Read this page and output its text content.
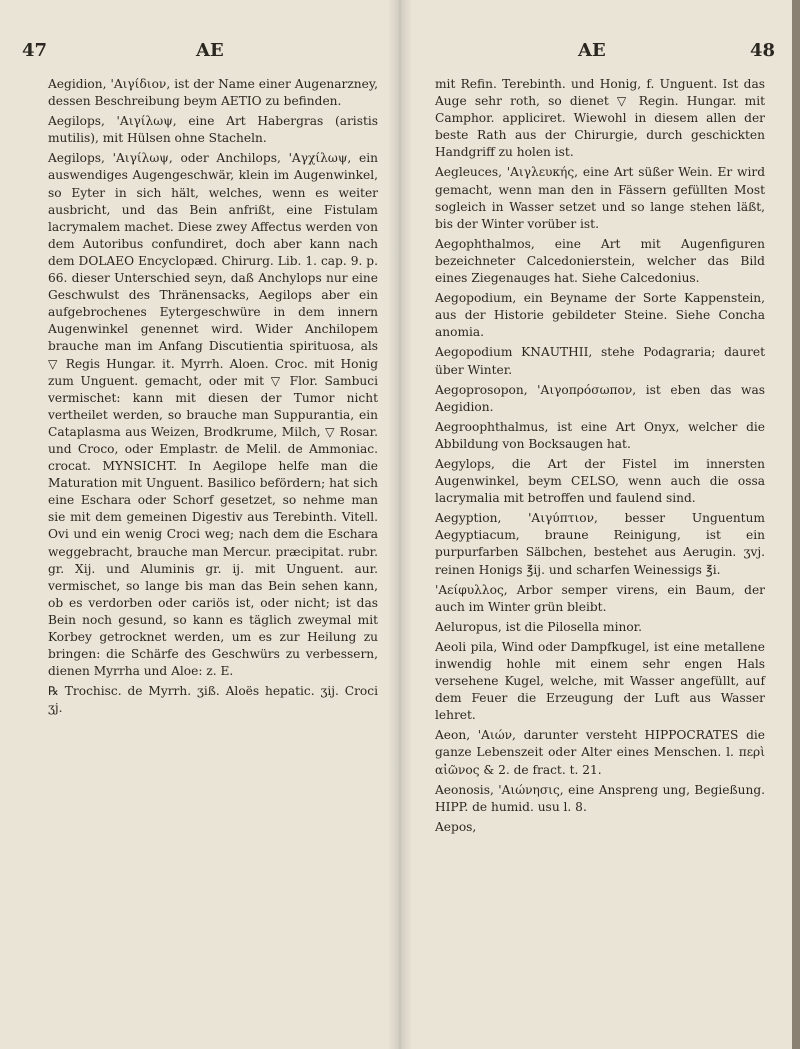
47	AE	AE	48

Aegidion, 'Αιγίδιον, ist der Name einer Augenarzney, dessen Beschreibung beym AETIO zu befinden.

Aegilops, 'Αιγίλωψ, eine Art Habergras (aristis mutilis), mit Hülsen ohne Stacheln.

Aegilops, 'Αιγίλωψ, oder Anchilops, 'Αγχίλωψ, ein auswendiges Augengeschwär, klein im Augenwinkel, so Eyter in sich hält, welches, wenn es weiter ausbricht, und das Bein anfrißt, eine Fistulam lacrymalem machet. Diese zwey Affectus werden von dem Autoribus confundiret, doch aber kann nach dem DOLAEO Encyclopæd. Chirurg. Lib. 1. cap. 9. p. 66. dieser Unterschied seyn, daß Anchylops nur eine Geschwulst des Thränensacks, Aegilops aber ein aufgebrochenes Eytergeschwüre in dem innern Augenwinkel genennet wird. Wider Anchilopem brauche man im Anfang Discutientia spirituosa, als ▽ Regis Hungar. it. Myrrh. Aloen. Croc. mit Honig zum Unguent. gemacht, oder mit ▽ Flor. Sambuci vermischet: kann mit diesen der Tumor nicht vertheilet werden, so brauche man Suppurantia, ein Cataplasma aus Weizen, Brodkrume, Milch, ▽ Rosar. und Croco, oder Emplastr. de Melil. de Ammoniac. crocat. MYNSICHT. In Aegilope helfe man die Maturation mit Unguent. Basilico befördern; hat sich eine Eschara oder Schorf gesetzet, so nehme man sie mit dem gemeinen Digestiv aus Terebinth. Vitell. Ovi und ein wenig Croci weg; nach dem die Eschara weggebracht, brauche man Mercur. præcipitat. rubr. gr. Xij. und Aluminis gr. ij. mit Unguent. aur. vermischet, so lange bis man das Bein sehen kann, ob es verdorben oder cariös ist, oder nicht; ist das Bein noch gesund, so kann es täglich zweymal mit Korbey getrocknet werden, um es zur Heilung zu bringen: die Schärfe des Geschwürs zu verbessern, dienen Myrrha und Aloe: z. E.

℞ Trochisc. de Myrrh. ʒiß. Aloës hepatic. ʒij. Croci ʒj.

mit Refin. Terebinth. und Honig, f. Unguent. Ist das Auge sehr roth, so dienet ▽ Regin. Hungar. mit Camphor. appliciret. Wiewohl in diesem allen der beste Rath aus der Chirurgie, durch geschickten Handgriff zu holen ist.

Aegleuces, 'Αιγλευκής, eine Art süßer Wein. Er wird gemacht, wenn man den in Fässern gefüllten Most sogleich in Wasser setzet und so lange stehen läßt, bis der Winter vorüber ist.

Aegophthalmos, eine Art mit Augenfiguren bezeichneter Calcedonierstein, welcher das Bild eines Ziegenauges hat. Siehe Calcedonius.

Aegopodium, ein Beyname der Sorte Kappenstein, aus der Historie gebildeter Steine. Siehe Concha anomia.

Aegopodium KNAUTHII, stehe Podagraria; dauret über Winter.

Aegoprosopon, 'Αιγοπρόσωπον, ist eben das was Aegidion.

Aegroophthalmus, ist eine Art Onyx, welcher die Abbildung von Bocksaugen hat.

Aegylops, die Art der Fistel im innersten Augenwinkel, beym CELSO, wenn auch die ossa lacrymalia mit betroffen und faulend sind.

Aegyption, 'Αιγύπτιον, besser Unguentum Aegyptiacum, braune Reinigung, ist ein purpurfarben Sälbchen, bestehet aus Aerugin. ʒvj. reinen Honigs ℥ij. und scharfen Weinessigs ℥i.

'Αείφυλλος, Arbor semper virens, ein Baum, der auch im Winter grün bleibt.

Aeluropus, ist die Pilosella minor.

Aeoli pila, Wind oder Dampfkugel, ist eine metallene inwendig hohle mit einem sehr engen Hals versehene Kugel, welche, mit Wasser angefüllt, auf dem Feuer die Erzeugung der Luft aus Wasser lehret.

Aeon, 'Αιών, darunter versteht HIPPOCRATES die ganze Lebenszeit oder Alter eines Menschen. l. περὶ αἰῶνος & 2. de fract. t. 21.

Aeonosis, 'Αιώνησις, eine Anspreng ung, Begießung. HIPP. de humid. usu l. 8.

Aepos,
